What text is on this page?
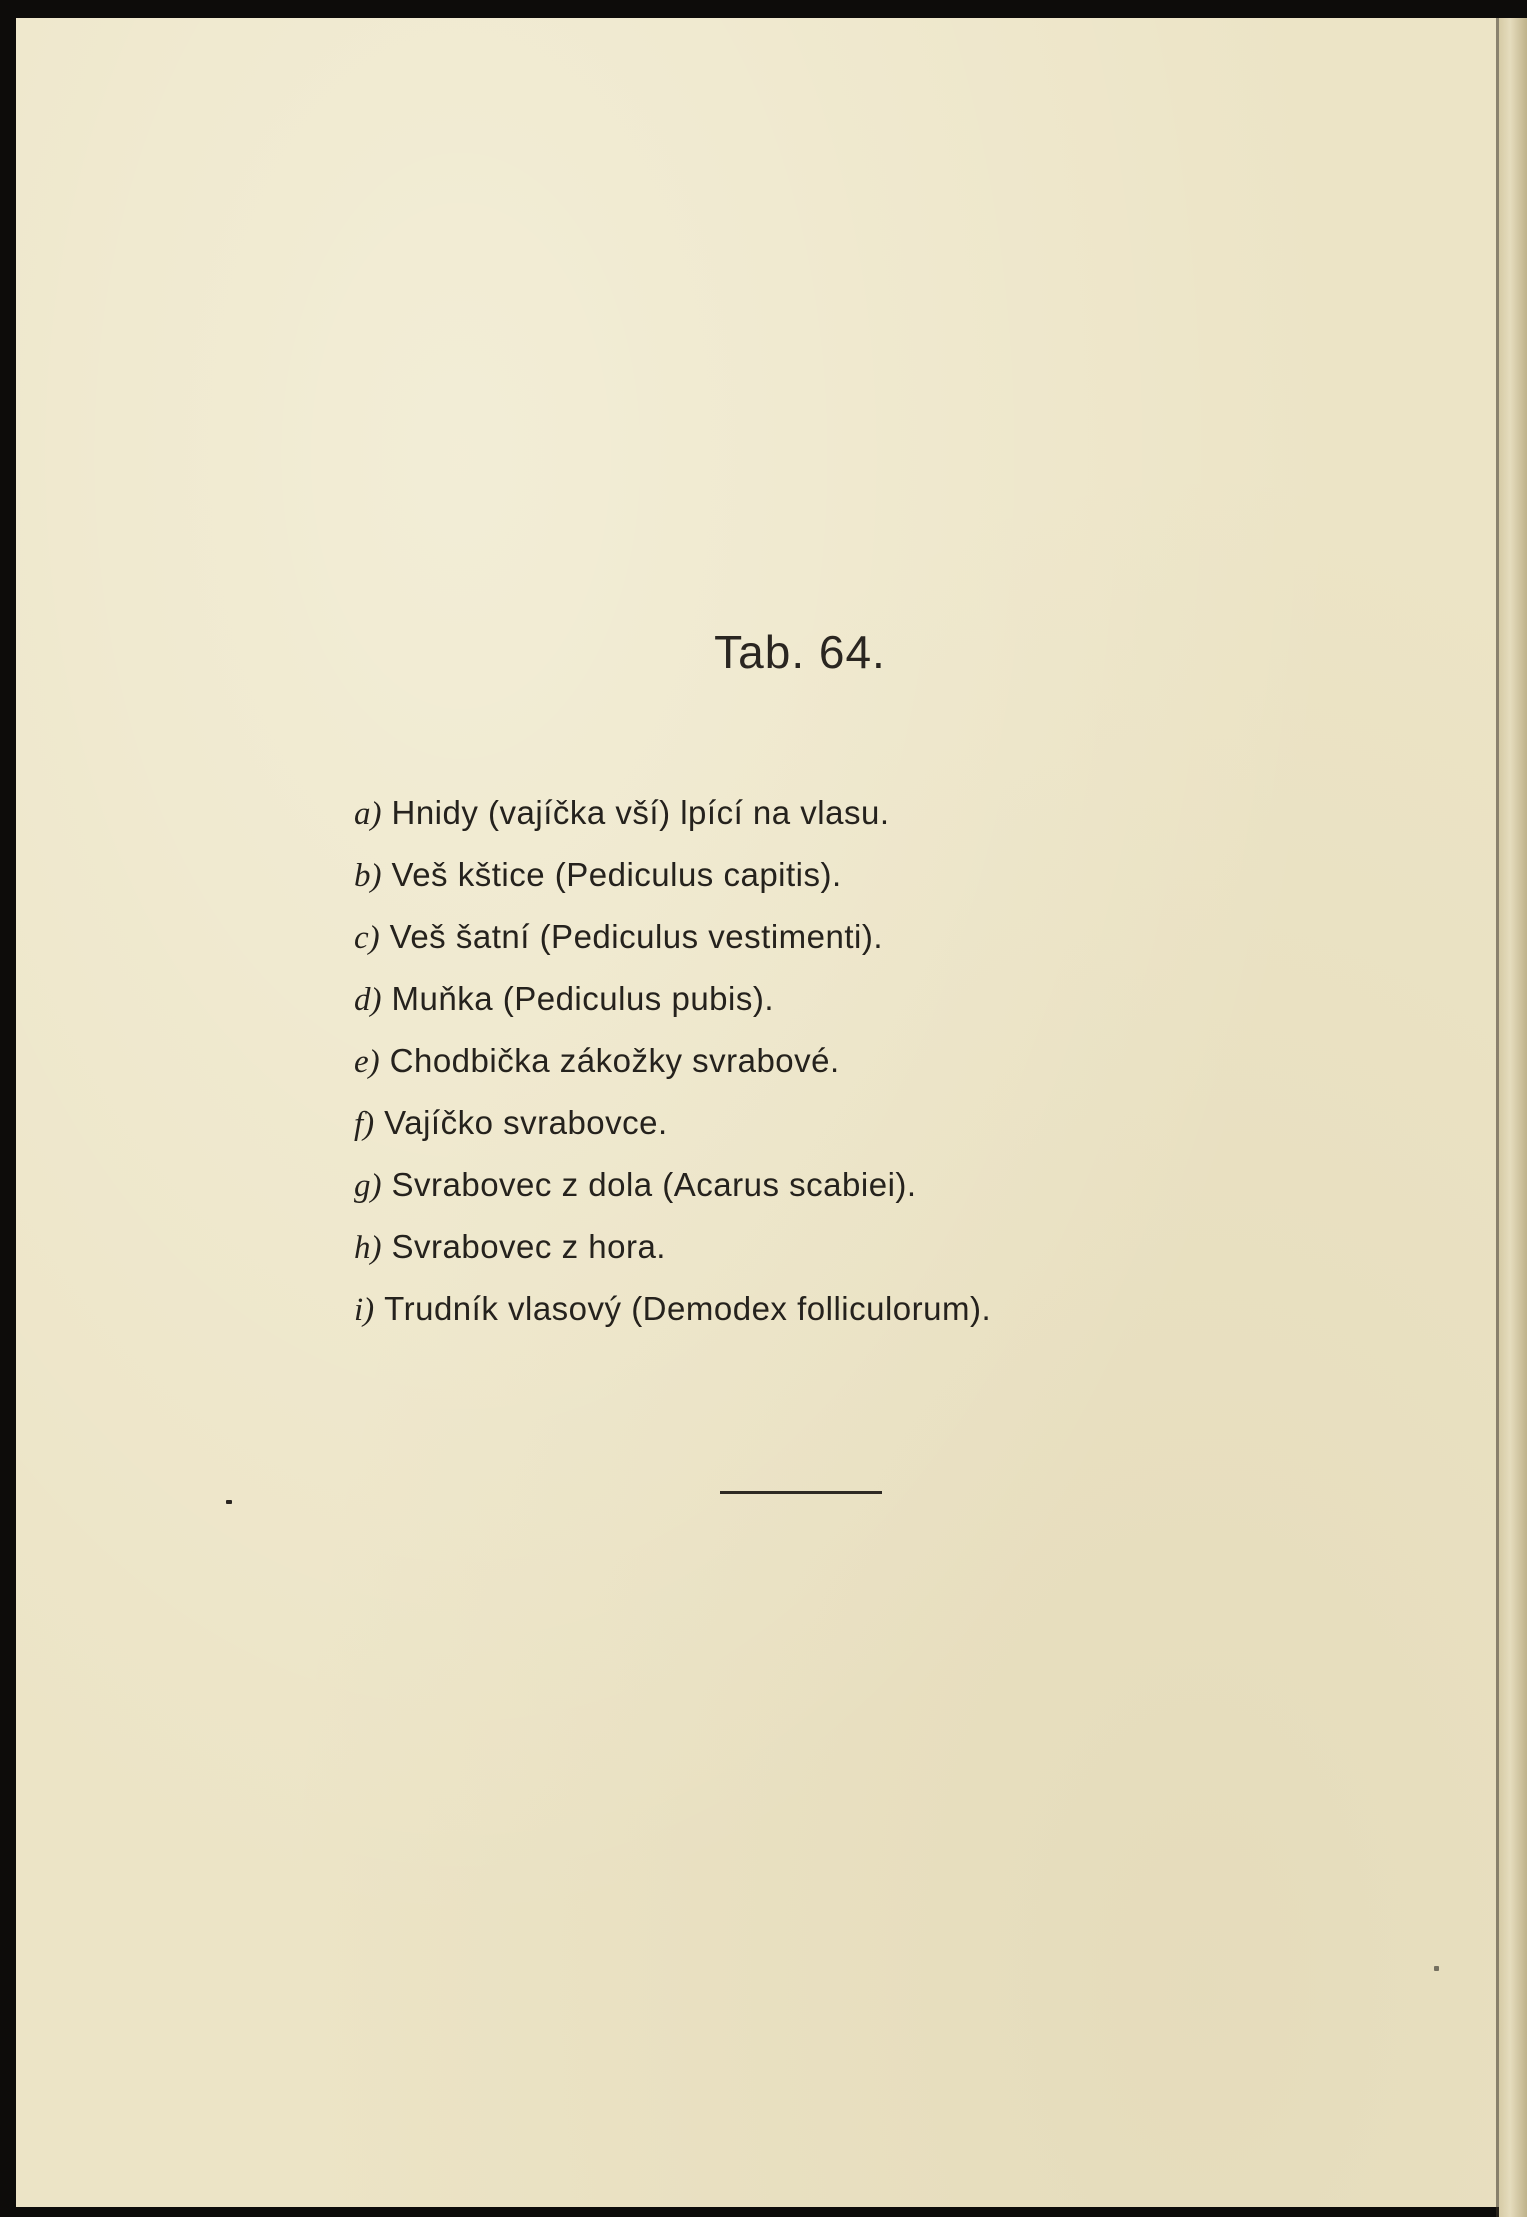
Tab. 64.
a) Hnidy (vajíčka vší) lpící na vlasu.
b) Veš kštice (Pediculus capitis).
c) Veš šatní (Pediculus vestimenti).
d) Muňka (Pediculus pubis).
e) Chodbička zákožky svrabové.
f) Vajíčko svrabovce.
g) Svrabovec z dola (Acarus scabiei).
h) Svrabovec z hora.
i) Trudník vlasový (Demodex folliculorum).
